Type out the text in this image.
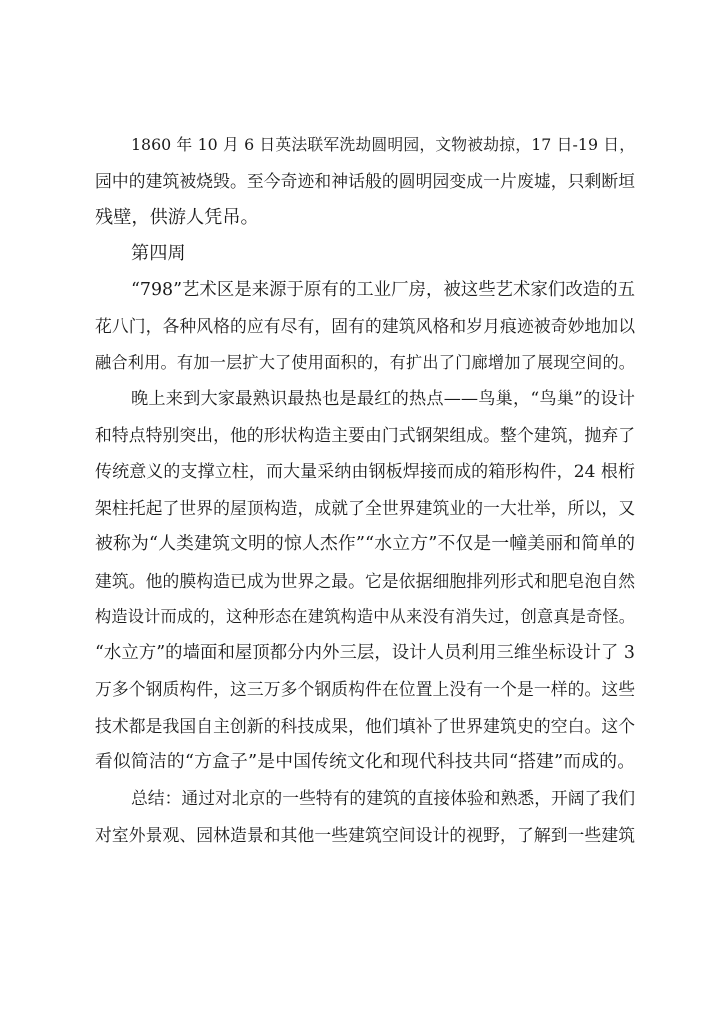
1860 年 10 月 6 日英法联军洗劫圆明园，文物被劫掠，17 日-19 日，
园中的建筑被烧毁。至今奇迹和神话般的圆明园变成一片废墟，只剩断垣
残壁，供游人凭吊。
第四周
“798”艺术区是来源于原有的工业厂房，被这些艺术家们改造的五
花八门，各种风格的应有尽有，固有的建筑风格和岁月痕迹被奇妙地加以
融合利用。有加一层扩大了使用面积的，有扩出了门廊增加了展现空间的。
晚上来到大家最熟识最热也是最红的热点——鸟巢，“鸟巢”的设计
和特点特别突出，他的形状构造主要由门式钢架组成。整个建筑，抛弃了
传统意义的支撑立柱，而大量采纳由钢板焊接而成的箱形构件，24 根桁
架柱托起了世界的屋顶构造，成就了全世界建筑业的一大壮举，所以，又
被称为“人类建筑文明的惊人杰作”“水立方”不仅是一幢美丽和简单的
建筑。他的膜构造已成为世界之最。它是依据细胞排列形式和肥皂泡自然
构造设计而成的，这种形态在建筑构造中从来没有消失过，创意真是奇怪。
“水立方”的墙面和屋顶都分内外三层，设计人员利用三维坐标设计了 3
万多个钢质构件，这三万多个钢质构件在位置上没有一个是一样的。这些
技术都是我国自主创新的科技成果，他们填补了世界建筑史的空白。这个
看似简洁的“方盒子”是中国传统文化和现代科技共同“搭建”而成的。
总结：通过对北京的一些特有的建筑的直接体验和熟悉，开阔了我们
对室外景观、园林造景和其他一些建筑空间设计的视野，了解到一些建筑
